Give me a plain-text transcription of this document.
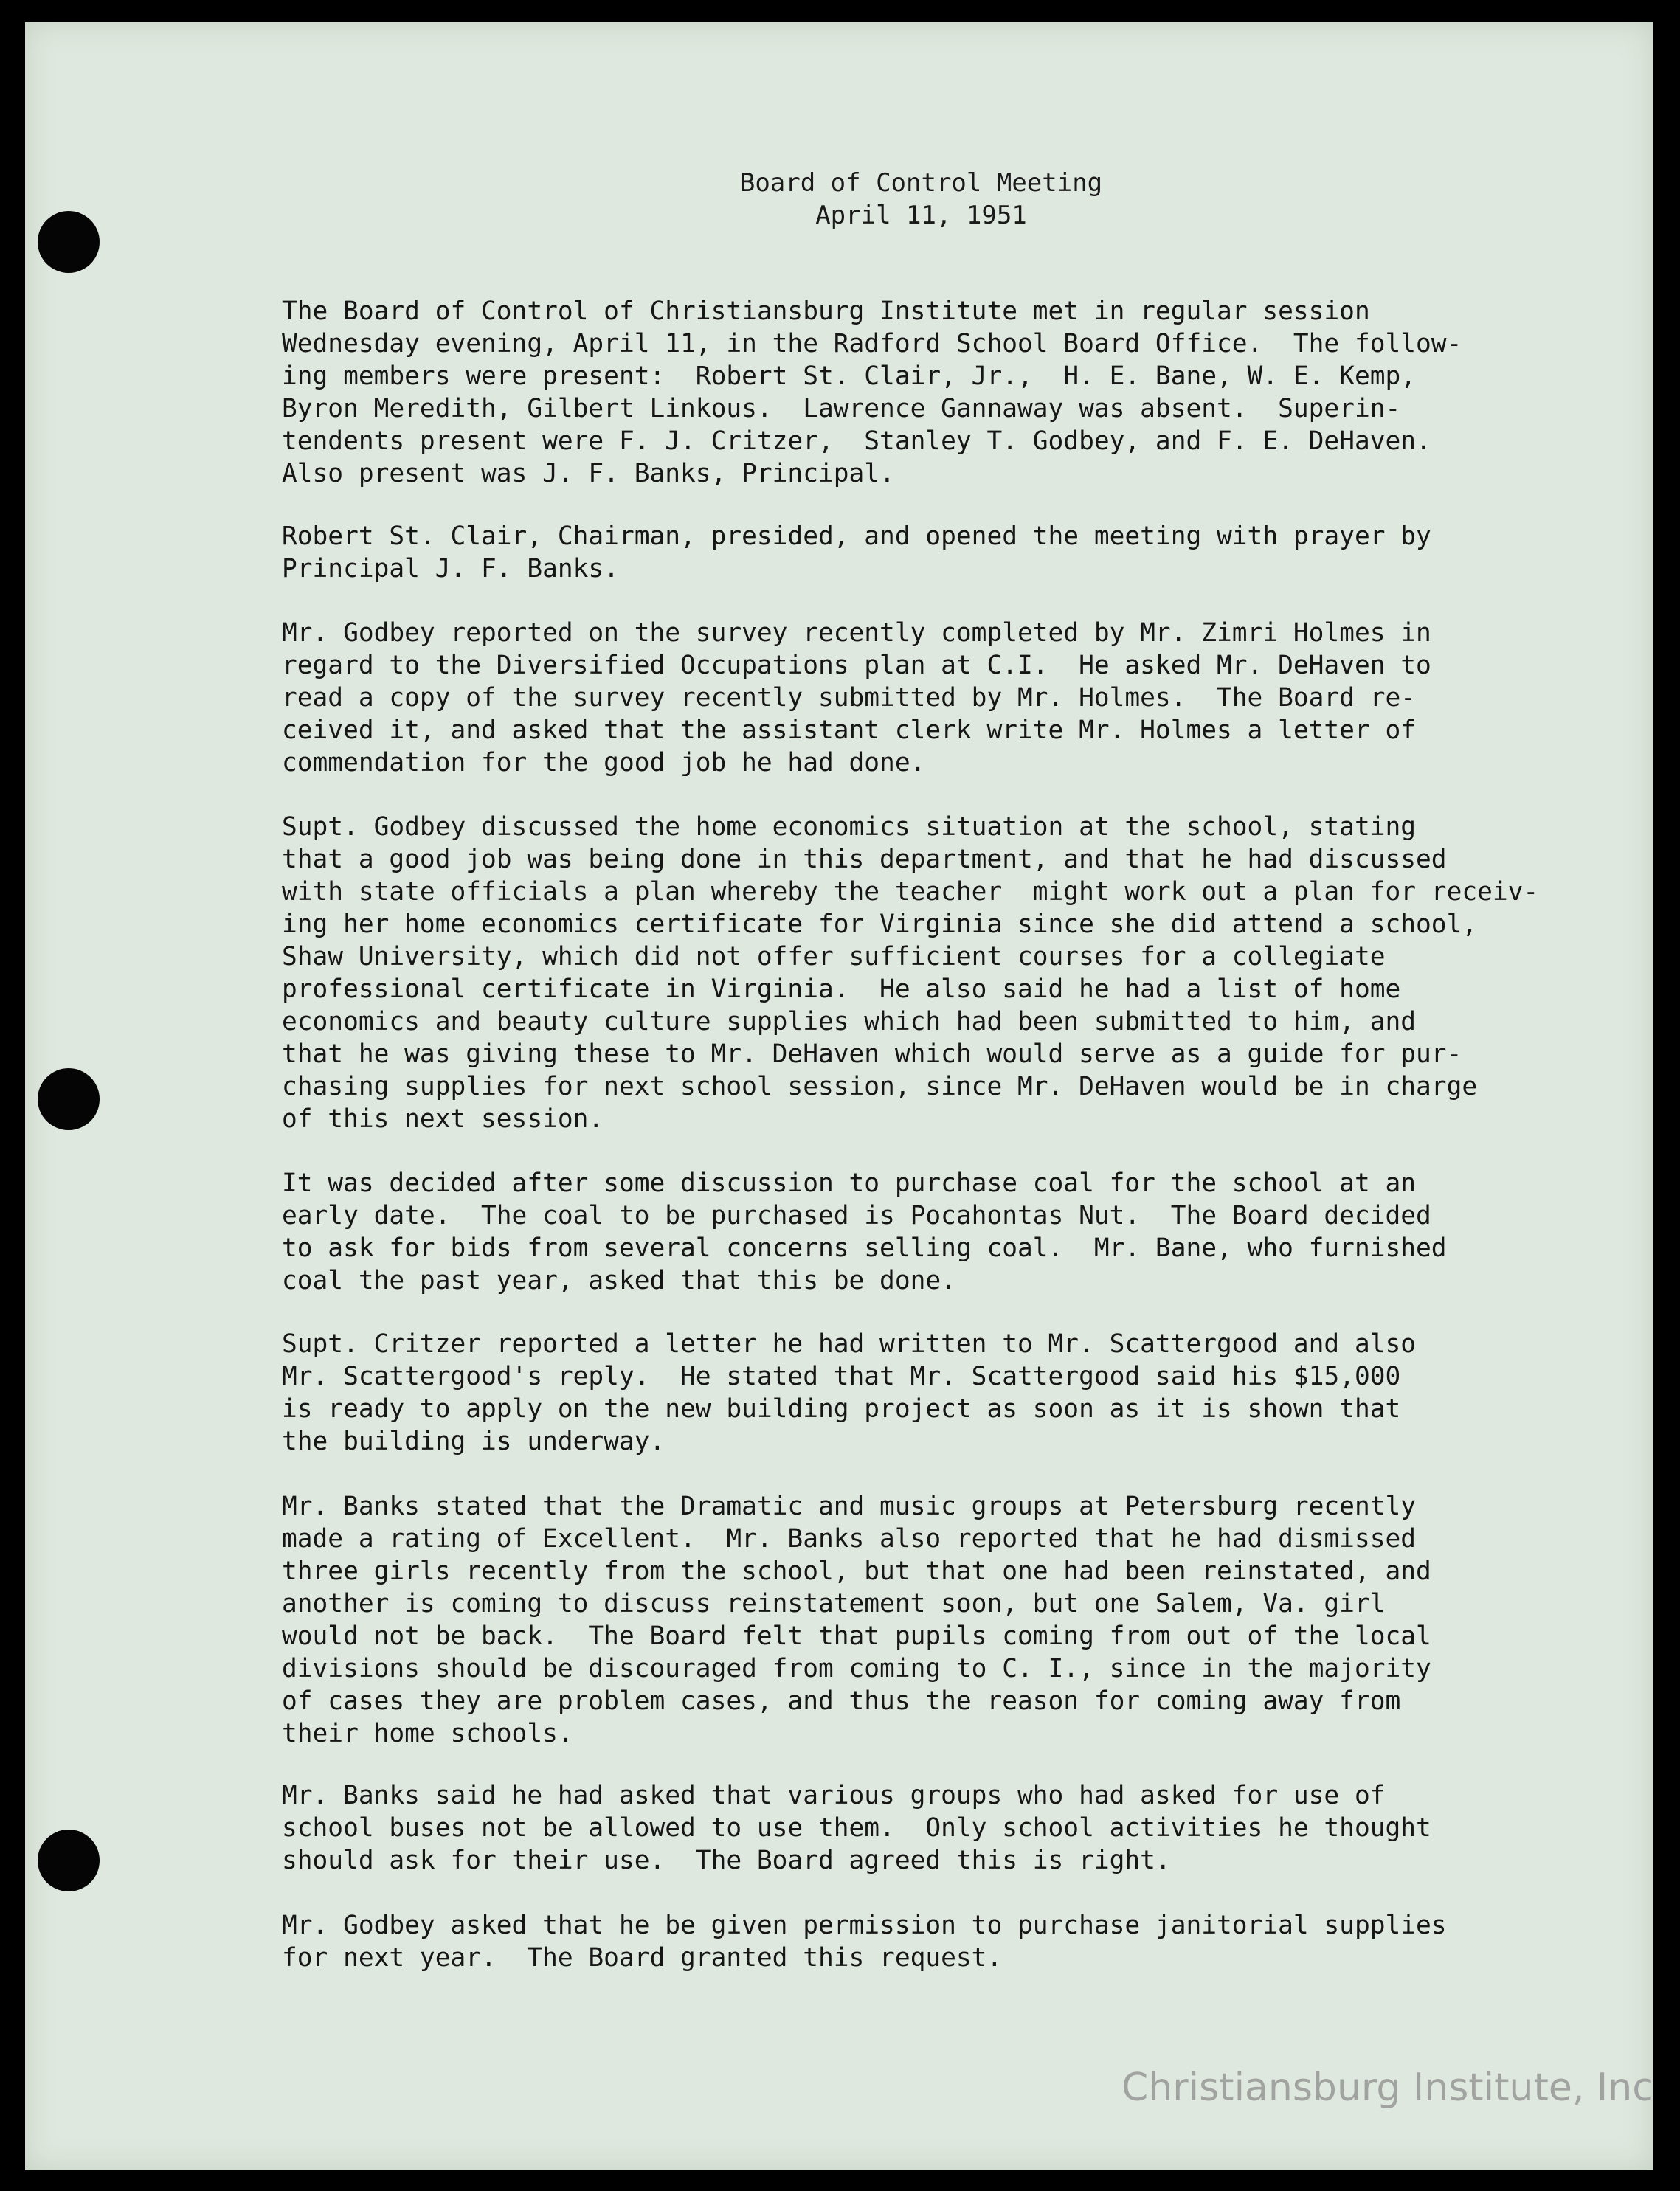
Board of Control Meeting
April 11, 1951
The Board of Control of Christiansburg Institute met in regular session
Wednesday evening, April 11, in the Radford School Board Office.  The follow-
ing members were present:  Robert St. Clair, Jr.,  H. E. Bane, W. E. Kemp,
Byron Meredith, Gilbert Linkous.  Lawrence Gannaway was absent.  Superin-
tendents present were F. J. Critzer,  Stanley T. Godbey, and F. E. DeHaven.
Also present was J. F. Banks, Principal.
Robert St. Clair, Chairman, presided, and opened the meeting with prayer by
Principal J. F. Banks.
Mr. Godbey reported on the survey recently completed by Mr. Zimri Holmes in
regard to the Diversified Occupations plan at C.I.  He asked Mr. DeHaven to
read a copy of the survey recently submitted by Mr. Holmes.  The Board re-
ceived it, and asked that the assistant clerk write Mr. Holmes a letter of
commendation for the good job he had done.
Supt. Godbey discussed the home economics situation at the school, stating
that a good job was being done in this department, and that he had discussed
with state officials a plan whereby the teacher  might work out a plan for receiv-
ing her home economics certificate for Virginia since she did attend a school,
Shaw University, which did not offer sufficient courses for a collegiate
professional certificate in Virginia.  He also said he had a list of home
economics and beauty culture supplies which had been submitted to him, and
that he was giving these to Mr. DeHaven which would serve as a guide for pur-
chasing supplies for next school session, since Mr. DeHaven would be in charge
of this next session.
It was decided after some discussion to purchase coal for the school at an
early date.  The coal to be purchased is Pocahontas Nut.  The Board decided
to ask for bids from several concerns selling coal.  Mr. Bane, who furnished
coal the past year, asked that this be done.
Supt. Critzer reported a letter he had written to Mr. Scattergood and also
Mr. Scattergood's reply.  He stated that Mr. Scattergood said his $15,000
is ready to apply on the new building project as soon as it is shown that
the building is underway.
Mr. Banks stated that the Dramatic and music groups at Petersburg recently
made a rating of Excellent.  Mr. Banks also reported that he had dismissed
three girls recently from the school, but that one had been reinstated, and
another is coming to discuss reinstatement soon, but one Salem, Va. girl
would not be back.  The Board felt that pupils coming from out of the local
divisions should be discouraged from coming to C. I., since in the majority
of cases they are problem cases, and thus the reason for coming away from
their home schools.
Mr. Banks said he had asked that various groups who had asked for use of
school buses not be allowed to use them.  Only school activities he thought
should ask for their use.  The Board agreed this is right.
Mr. Godbey asked that he be given permission to purchase janitorial supplies
for next year.  The Board granted this request.
Christiansburg Institute, Inc
